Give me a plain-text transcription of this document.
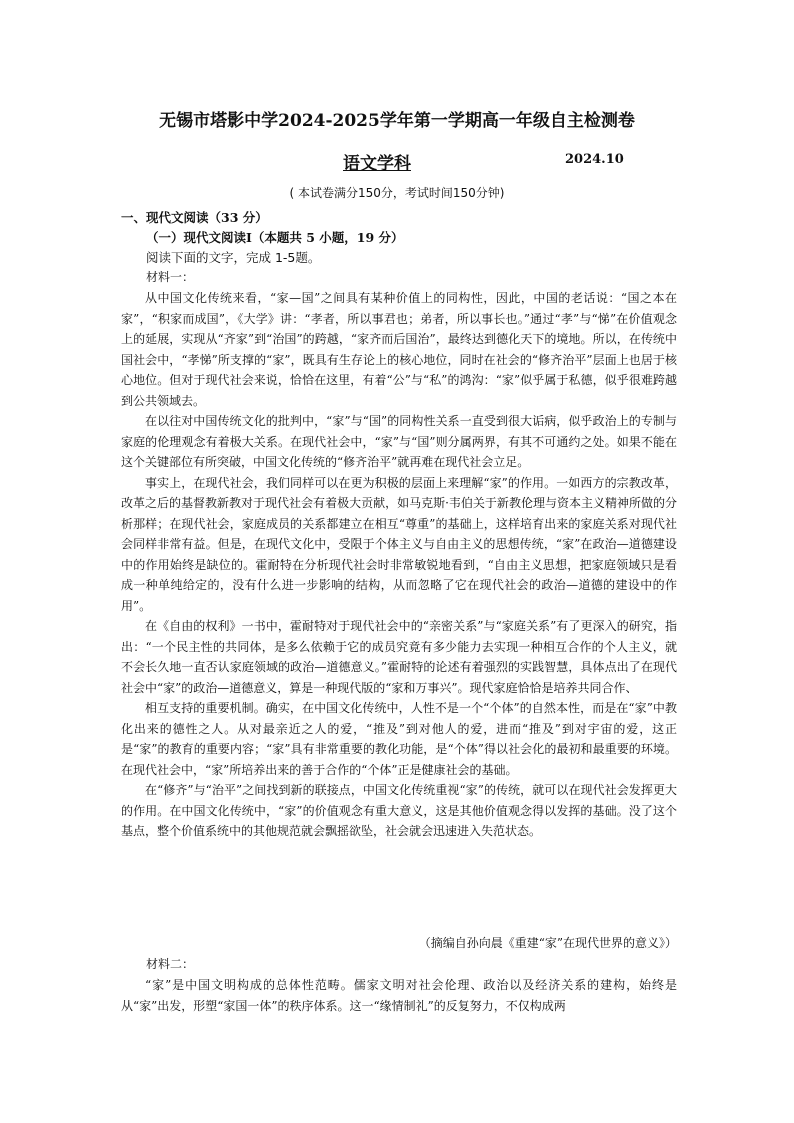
无锡市塔影中学2024-2025学年第一学期高一年级自主检测卷
语文学科	2024.10
( 本试卷满分150分，考试时间150分钟)
一、现代文阅读（33 分）
（一）现代文阅读Ⅰ（本题共 5 小题，19 分）
阅读下面的文字，完成 1-5题。
材料一：

从中国文化传统来看，“家—国”之间具有某种价值上的同构性，因此，中国的老话说：“国之本在家”，“积家而成国”，《大学》讲：“孝者，所以事君也；弟者，所以事长也。”通过“孝”与“悌”在价值观念上的延展，实现从“齐家”到“治国”的跨越，“家齐而后国治”，最终达到德化天下的境地。所以，在传统中国社会中，“孝悌”所支撑的“家”，既具有生存论上的核心地位，同时在社会的“修齐治平”层面上也居于核心地位。但对于现代社会来说，恰恰在这里，有着“公”与“私”的鸿沟：“家”似乎属于私德，似乎很难跨越到公共领域去。

在以往对中国传统文化的批判中，“家”与“国”的同构性关系一直受到很大诟病，似乎政治上的专制与家庭的伦理观念有着极大关系。在现代社会中，“家”与“国”则分属两界，有其不可通约之处。如果不能在这个关键部位有所突破，中国文化传统的“修齐治平”就再难在现代社会立足。

事实上，在现代社会，我们同样可以在更为积极的层面上来理解“家”的作用。一如西方的宗教改革，改革之后的基督教新教对于现代社会有着极大贡献，如马克斯·韦伯关于新教伦理与资本主义精神所做的分析那样；在现代社会，家庭成员的关系都建立在相互“尊重”的基础上，这样培育出来的家庭关系对现代社会同样非常有益。但是，在现代文化中，受限于个体主义与自由主义的思想传统，“家”在政治—道德建设中的作用始终是缺位的。霍耐特在分析现代社会时非常敏锐地看到，“自由主义思想，把家庭领域只是看成一种单纯给定的，没有什么进一步影响的结构，从而忽略了它在现代社会的政治—道德的建设中的作用”。

在《自由的权利》一书中，霍耐特对于现代社会中的“亲密关系”与“家庭关系”有了更深入的研究，指出：“一个民主性的共同体，是多么依赖于它的成员究竟有多少能力去实现一种相互合作的个人主义，就不会长久地一直否认家庭领域的政治—道德意义。”霍耐特的论述有着强烈的实践智慧，具体点出了在现代社会中“家”的政治—道德意义，算是一种现代版的“家和万事兴”。现代家庭恰恰是培养共同合作、

相互支持的重要机制。确实，在中国文化传统中，人性不是一个“个体”的自然本性，而是在“家”中教化出来的德性之人。从对最亲近之人的爱，“推及”到对他人的爱，进而“推及”到对宇宙的爱，这正是“家”的教育的重要内容；“家”具有非常重要的教化功能，是“个体”得以社会化的最初和最重要的环境。在现代社会中，“家”所培养出来的善于合作的“个体”正是健康社会的基础。

在“修齐”与“治平”之间找到新的联接点，中国文化传统重视“家”的传统，就可以在现代社会发挥更大的作用。在中国文化传统中，“家”的价值观念有重大意义，这是其他价值观念得以发挥的基础。没了这个基点，整个价值系统中的其他规范就会飘摇欲坠，社会就会迅速进入失范状态。

（摘编自孙向晨《重建“家”在现代世界的意义》）
材料二：

“家”是中国文明构成的总体性范畴。儒家文明对社会伦理、政治以及经济关系的建构，始终是从“家”出发，形塑“家国一体”的秩序体系。这一“缘情制礼”的反复努力，不仅构成两
